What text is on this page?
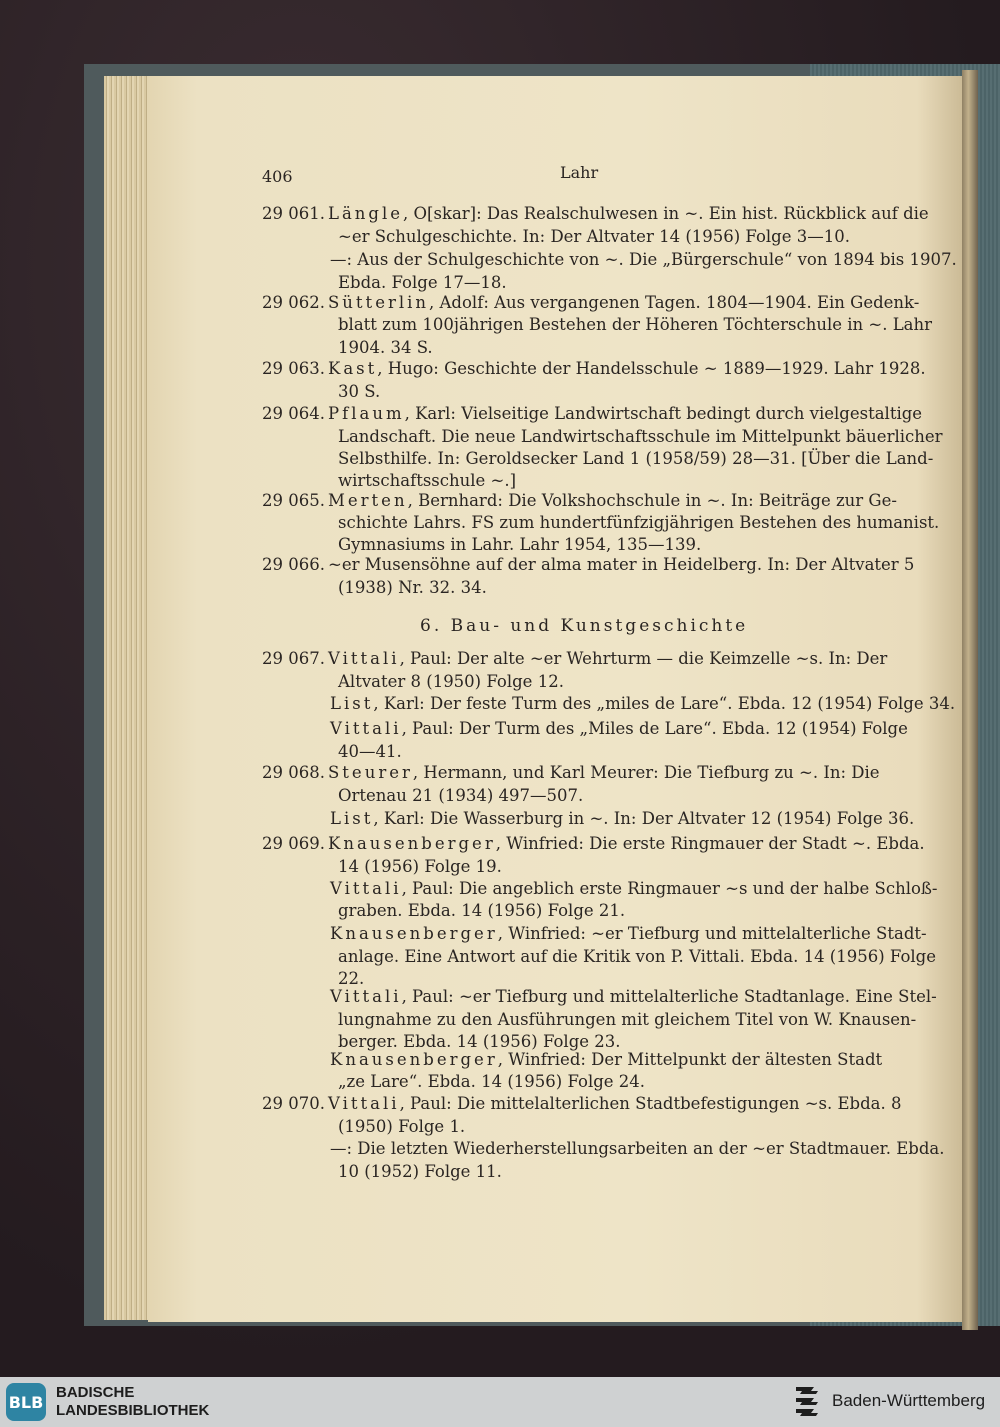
406	Lahr
6. Bau- und Kunstgeschichte
29 061. Längle, O[skar]: Das Realschulwesen in ~. Ein hist. Rückblick auf die
~er Schulgeschichte. In: Der Altvater 14 (1956) Folge 3—10.
—: Aus der Schulgeschichte von ~. Die „Bürgerschule“ von 1894 bis 1907.
Ebda. Folge 17—18.
29 062. Sütterlin, Adolf: Aus vergangenen Tagen. 1804—1904. Ein Gedenk-
blatt zum 100jährigen Bestehen der Höheren Töchterschule in ~. Lahr
1904. 34 S.
29 063. Kast, Hugo: Geschichte der Handelsschule ~ 1889—1929. Lahr 1928.
30 S.
29 064. Pflaum, Karl: Vielseitige Landwirtschaft bedingt durch vielgestaltige
Landschaft. Die neue Landwirtschaftsschule im Mittelpunkt bäuerlicher
Selbsthilfe. In: Geroldsecker Land 1 (1958/59) 28—31. [Über die Land-
wirtschaftsschule ~.]
29 065. Merten, Bernhard: Die Volkshochschule in ~. In: Beiträge zur Ge-
schichte Lahrs. FS zum hundertfünfzigjährigen Bestehen des humanist.
Gymnasiums in Lahr. Lahr 1954, 135—139.
29 066. ~er Musensöhne auf der alma mater in Heidelberg. In: Der Altvater 5
(1938) Nr. 32. 34.
29 067. Vittali, Paul: Der alte ~er Wehrturm — die Keimzelle ~s. In: Der
Altvater 8 (1950) Folge 12.
List, Karl: Der feste Turm des „miles de Lare“. Ebda. 12 (1954) Folge 34.
Vittali, Paul: Der Turm des „Miles de Lare“. Ebda. 12 (1954) Folge
40—41.
29 068. Steurer, Hermann, und Karl Meurer: Die Tiefburg zu ~. In: Die
Ortenau 21 (1934) 497—507.
List, Karl: Die Wasserburg in ~. In: Der Altvater 12 (1954) Folge 36.
29 069. Knausenberger, Winfried: Die erste Ringmauer der Stadt ~. Ebda.
14 (1956) Folge 19.
Vittali, Paul: Die angeblich erste Ringmauer ~s und der halbe Schloß-
graben. Ebda. 14 (1956) Folge 21.
Knausenberger, Winfried: ~er Tiefburg und mittelalterliche Stadt-
anlage. Eine Antwort auf die Kritik von P. Vittali. Ebda. 14 (1956) Folge
22.
Vittali, Paul: ~er Tiefburg und mittelalterliche Stadtanlage. Eine Stel-
lungnahme zu den Ausführungen mit gleichem Titel von W. Knausen-
berger. Ebda. 14 (1956) Folge 23.
Knausenberger, Winfried: Der Mittelpunkt der ältesten Stadt
„ze Lare“. Ebda. 14 (1956) Folge 24.
29 070. Vittali, Paul: Die mittelalterlichen Stadtbefestigungen ~s. Ebda. 8
(1950) Folge 1.
—: Die letzten Wiederherstellungsarbeiten an der ~er Stadtmauer. Ebda.
10 (1952) Folge 11.
BLB BADISCHE
LANDESBIBLIOTHEK
Baden-Württemberg
